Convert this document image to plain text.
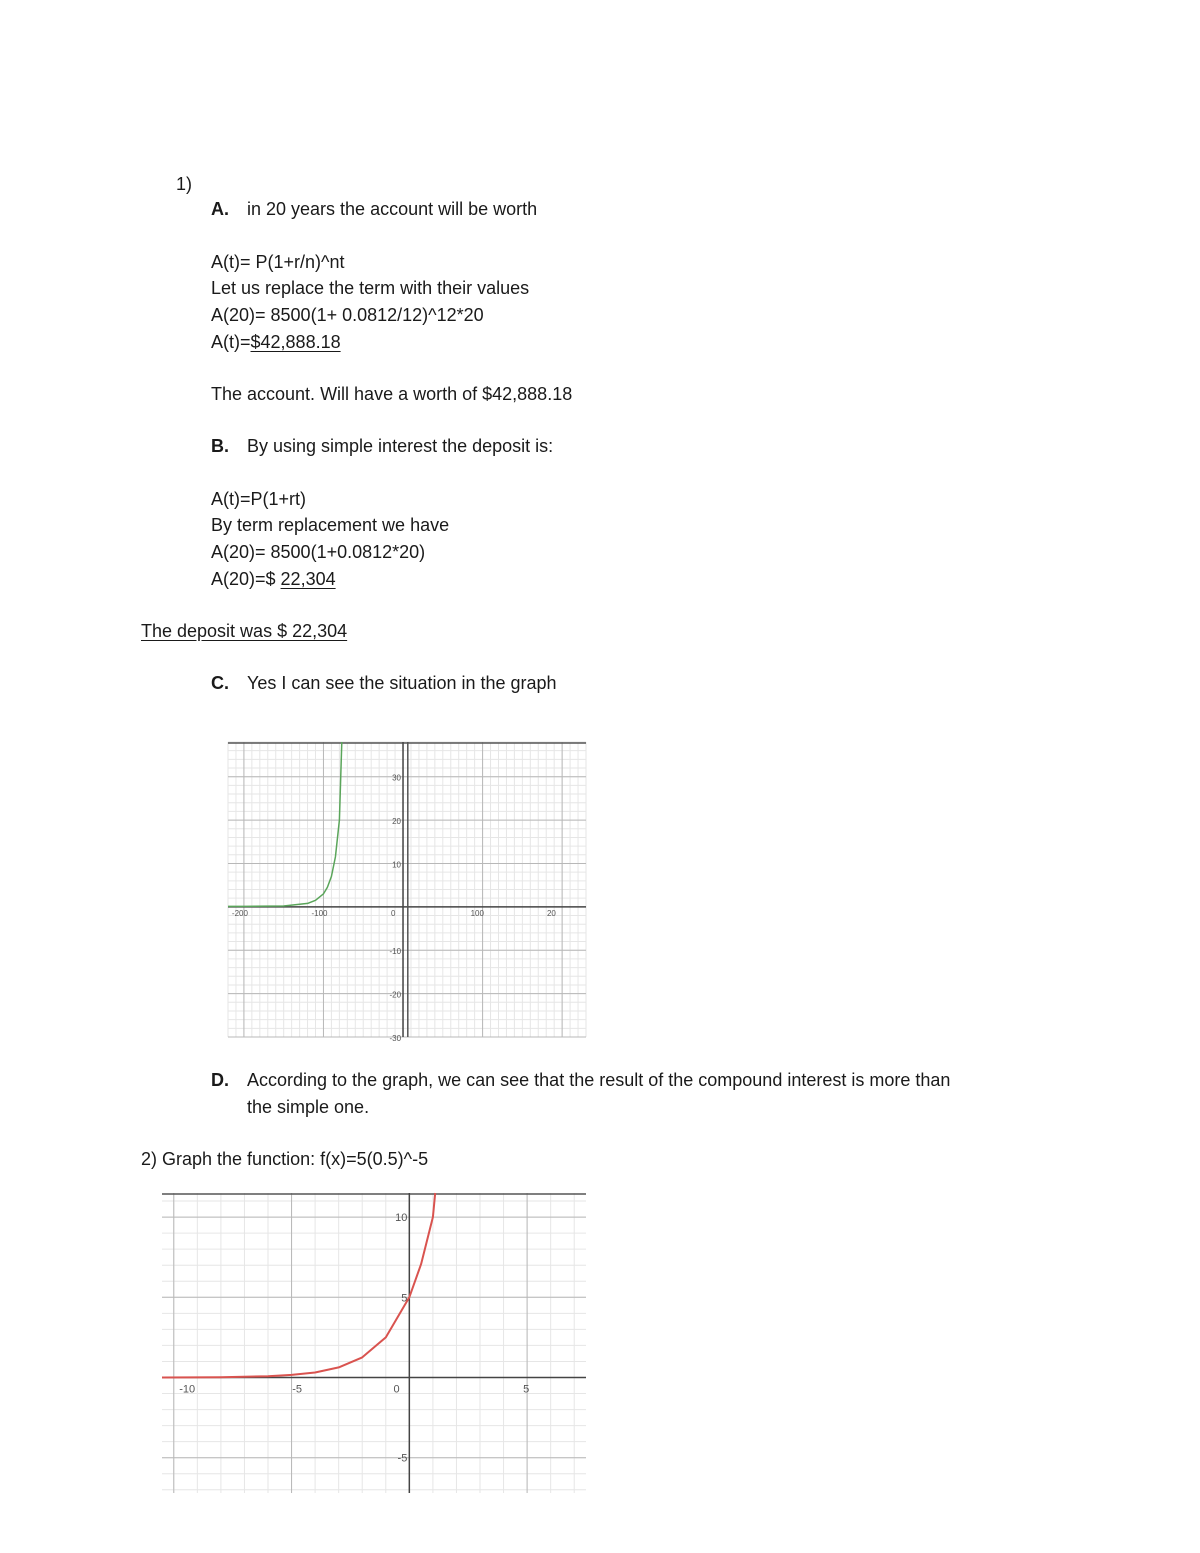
1)
A. in 20 years the account will be worth
A(t)= P(1+r/n)^nt
Let us replace the term with their values
A(20)= 8500(1+ 0.0812/12)^12*20
A(t)=$42,888.18
The account. Will have a worth of $42,888.18
B. By using simple interest the deposit is:
A(t)=P(1+rt)
By term replacement we have
A(20)= 8500(1+0.0812*20)
A(20)=$ 22,304
The deposit was $ 22,304
C. Yes I can see the situation in the graph
-200	-100	0	100	20
30
20
10
-10
-20
-30
D. According to the graph, we can see that the result of the compound interest is more than
the simple one.
2) Graph the function: f(x)=5(0.5)^-5
-10	-5	0	5
10
5
-5
